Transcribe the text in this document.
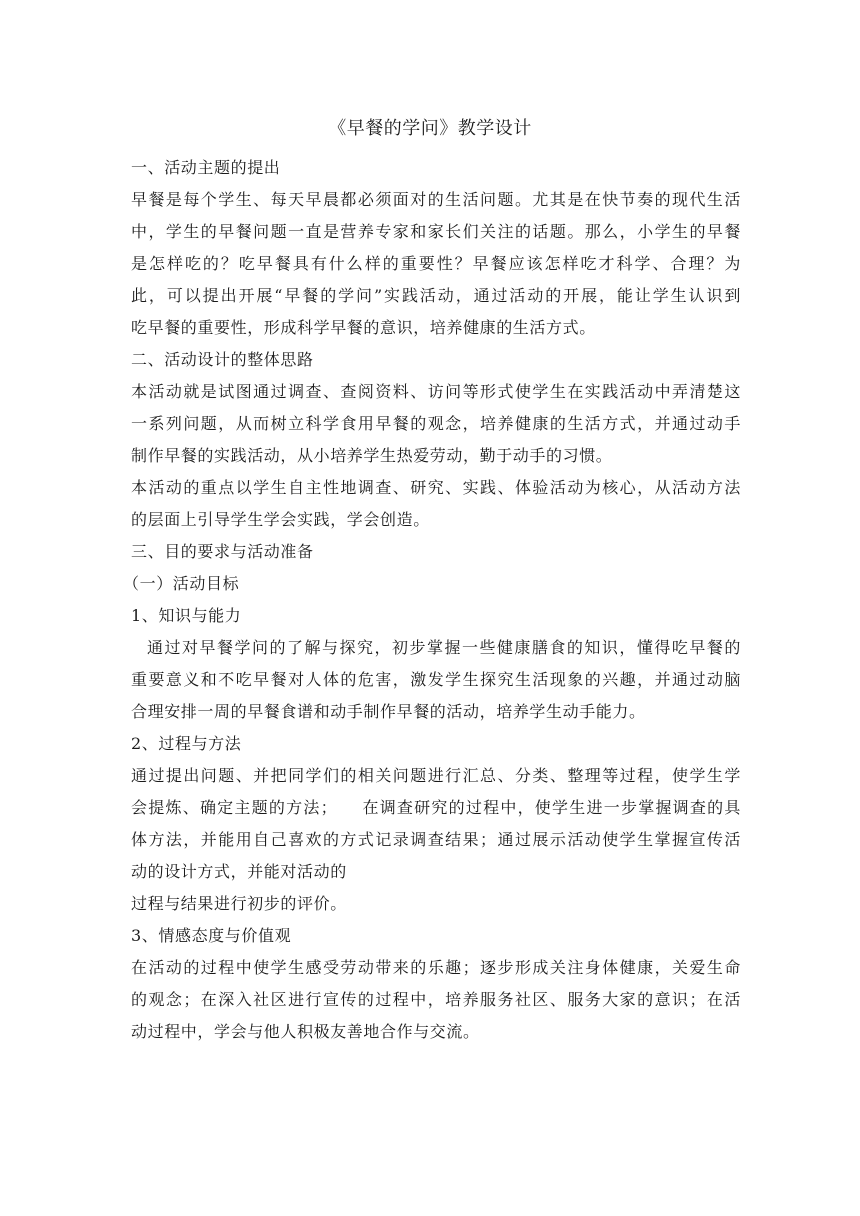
《早餐的学问》教学设计
一、活动主题的提出
早餐是每个学生、每天早晨都必须面对的生活问题。尤其是在快节奏的现代生活
中，学生的早餐问题一直是营养专家和家长们关注的话题。那么，小学生的早餐
是怎样吃的？吃早餐具有什么样的重要性？早餐应该怎样吃才科学、合理？为
此，可以提出开展“早餐的学问”实践活动，通过活动的开展，能让学生认识到
吃早餐的重要性，形成科学早餐的意识，培养健康的生活方式。
二、活动设计的整体思路
本活动就是试图通过调查、查阅资料、访问等形式使学生在实践活动中弄清楚这
一系列问题，从而树立科学食用早餐的观念，培养健康的生活方式，并通过动手
制作早餐的实践活动，从小培养学生热爱劳动，勤于动手的习惯。
本活动的重点以学生自主性地调查、研究、实践、体验活动为核心，从活动方法
的层面上引导学生学会实践，学会创造。
三、目的要求与活动准备
（一）活动目标
1、知识与能力
通过对早餐学问的了解与探究，初步掌握一些健康膳食的知识，懂得吃早餐的
重要意义和不吃早餐对人体的危害，激发学生探究生活现象的兴趣，并通过动脑
合理安排一周的早餐食谱和动手制作早餐的活动，培养学生动手能力。
2、过程与方法
通过提出问题、并把同学们的相关问题进行汇总、分类、整理等过程，使学生学
会提炼、确定主题的方法；    在调查研究的过程中，使学生进一步掌握调查的具
体方法，并能用自己喜欢的方式记录调查结果；通过展示活动使学生掌握宣传活
动的设计方式，并能对活动的
过程与结果进行初步的评价。
3、情感态度与价值观
在活动的过程中使学生感受劳动带来的乐趣；逐步形成关注身体健康，关爱生命
的观念；在深入社区进行宣传的过程中，培养服务社区、服务大家的意识；在活
动过程中，学会与他人积极友善地合作与交流。
